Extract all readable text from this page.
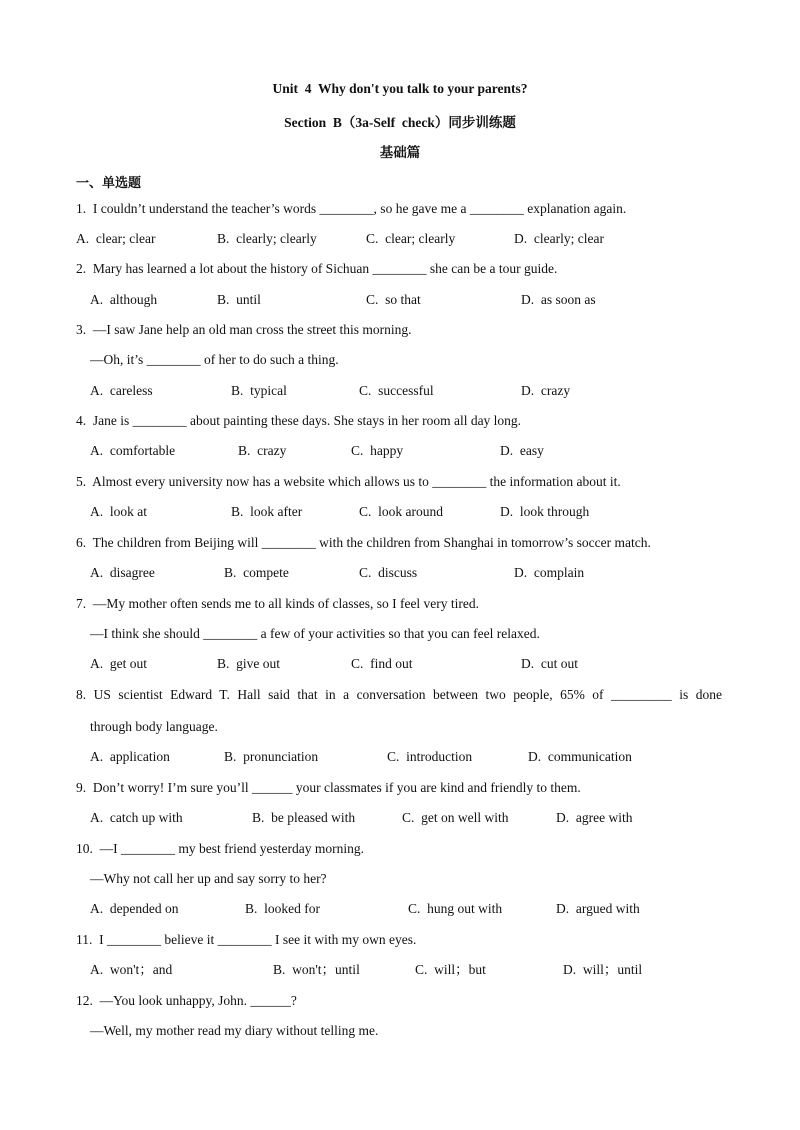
Unit  4  Why don't you talk to your parents?
Section  B（3a-Self  check）同步训练题
基础篇
一、单选题
1.  I couldn’t understand the teacher’s words ________, so he gave me a ________ explanation again.
A.  clear; clear	B.  clearly; clearly	C.  clear; clearly	D.  clearly; clear
2.  Mary has learned a lot about the history of Sichuan ________ she can be a tour guide.
A.  although	B.  until	C.  so that	D.  as soon as
3.  —I saw Jane help an old man cross the street this morning.
—Oh, it’s ________ of her to do such a thing.
A.  careless	B.  typical	C.  successful	D.  crazy
4.  Jane is ________ about painting these days. She stays in her room all day long.
A.  comfortable	B.  crazy	C.  happy	D.  easy
5.  Almost every university now has a website which allows us to ________ the information about it.
A.  look at	B.  look after	C.  look around	D.  look through
6.  The children from Beijing will ________ with the children from Shanghai in tomorrow’s soccer match.
A.  disagree	B.  compete	C.  discuss	D.  complain
7.  —My mother often sends me to all kinds of classes, so I feel very tired.
—I think she should ________ a few of your activities so that you can feel relaxed.
A.  get out	B.  give out	C.  find out	D.  cut out
8. US scientist Edward T. Hall said that in a conversation between two people, 65% of _________ is done
through body language.
A.  application	B.  pronunciation	C.  introduction	D.  communication
9.  Don’t worry! I’m sure you’ll ______ your classmates if you are kind and friendly to them.
A.  catch up with	B.  be pleased with	C.  get on well with	D.  agree with
10.  —I ________ my best friend yesterday morning.
—Why not call her up and say sorry to her?
A.  depended on	B.  looked for	C.  hung out with	D.  argued with
11.  I ________ believe it ________ I see it with my own eyes.
A.  won't；and	B.  won't；until	C.  will；but	D.  will；until
12.  —You look unhappy, John. ______?
—Well, my mother read my diary without telling me.
